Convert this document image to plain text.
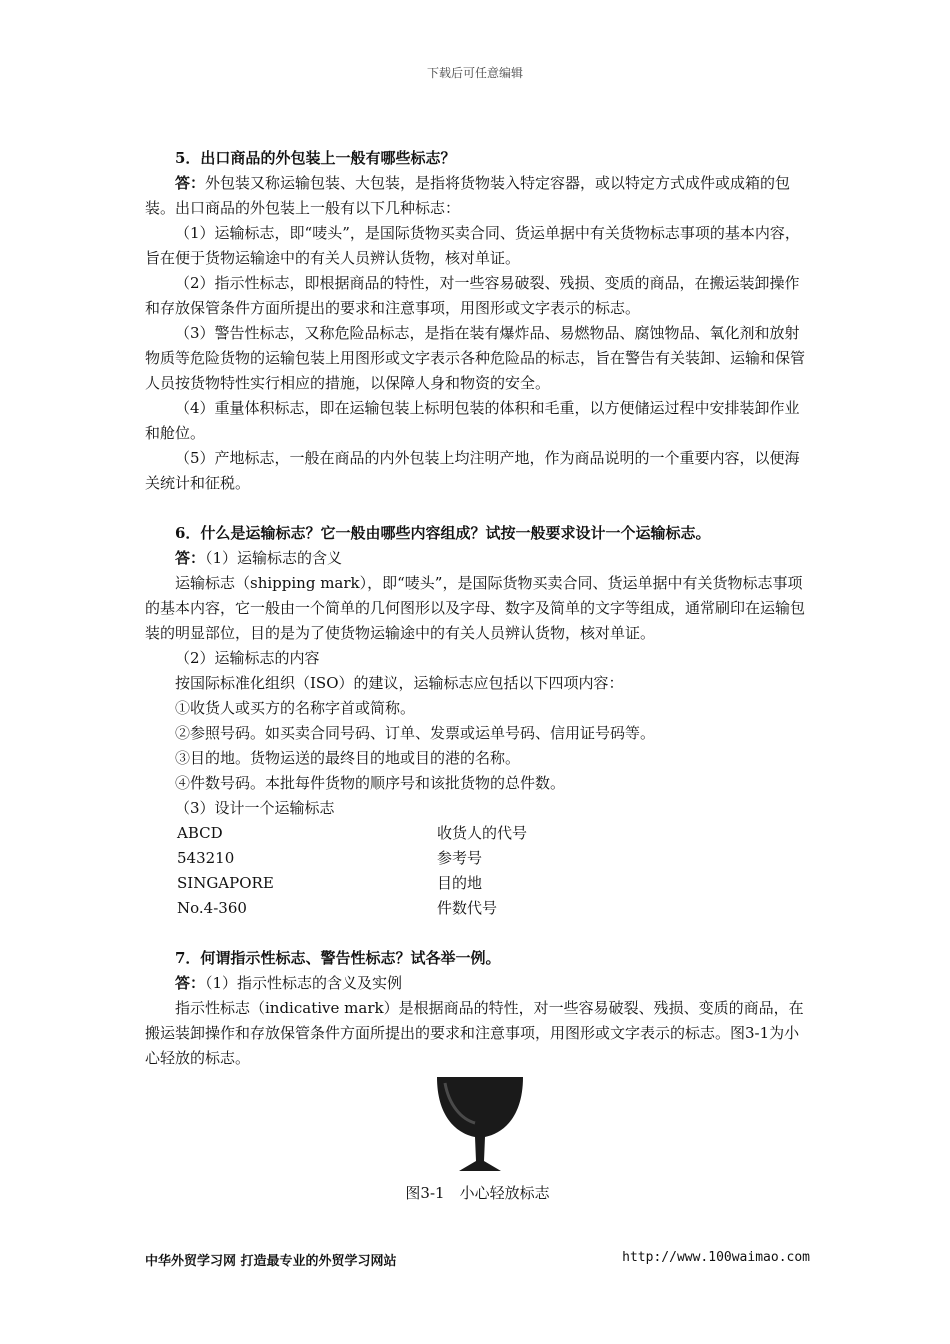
下载后可任意编辑

5．出口商品的外包装上一般有哪些标志？

答：外包装又称运输包装、大包装，是指将货物装入特定容器，或以特定方式成件或成箱的包装。出口商品的外包装上一般有以下几种标志：

（1）运输标志，即“唛头”，是国际货物买卖合同、货运单据中有关货物标志事项的基本内容，旨在便于货物运输途中的有关人员辨认货物，核对单证。

（2）指示性标志，即根据商品的特性，对一些容易破裂、残损、变质的商品，在搬运装卸操作和存放保管条件方面所提出的要求和注意事项，用图形或文字表示的标志。

（3）警告性标志，又称危险品标志，是指在装有爆炸品、易燃物品、腐蚀物品、氧化剂和放射物质等危险货物的运输包装上用图形或文字表示各种危险品的标志，旨在警告有关装卸、运输和保管人员按货物特性实行相应的措施，以保障人身和物资的安全。

（4）重量体积标志，即在运输包装上标明包装的体积和毛重，以方便储运过程中安排装卸作业和舱位。

（5）产地标志，一般在商品的内外包装上均注明产地，作为商品说明的一个重要内容，以便海关统计和征税。

6．什么是运输标志？它一般由哪些内容组成？试按一般要求设计一个运输标志。

答：（1）运输标志的含义

运输标志（shipping mark），即“唛头”，是国际货物买卖合同、货运单据中有关货物标志事项的基本内容，它一般由一个简单的几何图形以及字母、数字及简单的文字等组成，通常刷印在运输包装的明显部位，目的是为了使货物运输途中的有关人员辨认货物，核对单证。

（2）运输标志的内容

按国际标准化组织（ISO）的建议，运输标志应包括以下四项内容：

①收货人或买方的名称字首或简称。

②参照号码。如买卖合同号码、订单、发票或运单号码、信用证号码等。

③目的地。货物运送的最终目的地或目的港的名称。

④件数号码。本批每件货物的顺序号和该批货物的总件数。

（3）设计一个运输标志

ABCD	收货人的代号
543210	参考号
SINGAPORE	目的地
No.4-360	件数代号

7．何谓指示性标志、警告性标志？试各举一例。

答：（1）指示性标志的含义及实例

指示性标志（indicative mark）是根据商品的特性，对一些容易破裂、残损、变质的商品，在搬运装卸操作和存放保管条件方面所提出的要求和注意事项，用图形或文字表示的标志。图3-1为小心轻放的标志。

图3-1　小心轻放标志
中华外贸学习网 打造最专业的外贸学习网站	http://www.100waimao.com
